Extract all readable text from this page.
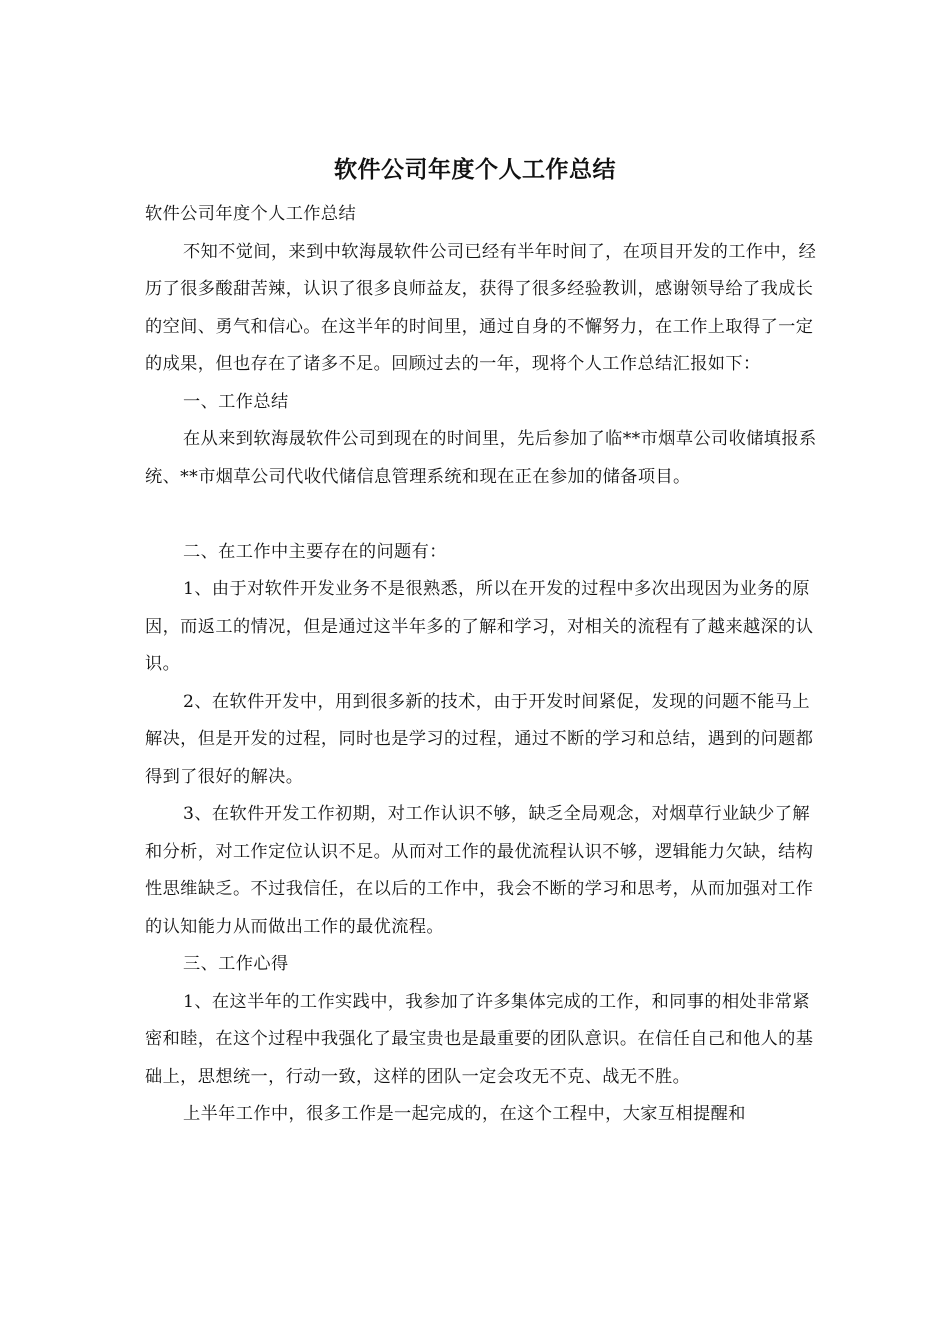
软件公司年度个人工作总结

软件公司年度个人工作总结

不知不觉间，来到中软海晟软件公司已经有半年时间了，在项目开发的工作中，经历了很多酸甜苦辣，认识了很多良师益友，获得了很多经验教训，感谢领导给了我成长的空间、勇气和信心。在这半年的时间里，通过自身的不懈努力，在工作上取得了一定的成果，但也存在了诸多不足。回顾过去的一年，现将个人工作总结汇报如下：

一、工作总结

在从来到软海晟软件公司到现在的时间里，先后参加了临**市烟草公司收储填报系统、**市烟草公司代收代储信息管理系统和现在正在参加的储备项目。

二、在工作中主要存在的问题有：

1、由于对软件开发业务不是很熟悉，所以在开发的过程中多次出现因为业务的原因，而返工的情况，但是通过这半年多的了解和学习，对相关的流程有了越来越深的认识。

2、在软件开发中，用到很多新的技术，由于开发时间紧促，发现的问题不能马上解决，但是开发的过程，同时也是学习的过程，通过不断的学习和总结，遇到的问题都得到了很好的解决。

3、在软件开发工作初期，对工作认识不够，缺乏全局观念，对烟草行业缺少了解和分析，对工作定位认识不足。从而对工作的最优流程认识不够，逻辑能力欠缺，结构性思维缺乏。不过我信任，在以后的工作中，我会不断的学习和思考，从而加强对工作的认知能力从而做出工作的最优流程。

三、工作心得

1、在这半年的工作实践中，我参加了许多集体完成的工作，和同事的相处非常紧密和睦，在这个过程中我强化了最宝贵也是最重要的团队意识。在信任自己和他人的基础上，思想统一，行动一致，这样的团队一定会攻无不克、战无不胜。

上半年工作中，很多工作是一起完成的，在这个工程中，大家互相提醒和
